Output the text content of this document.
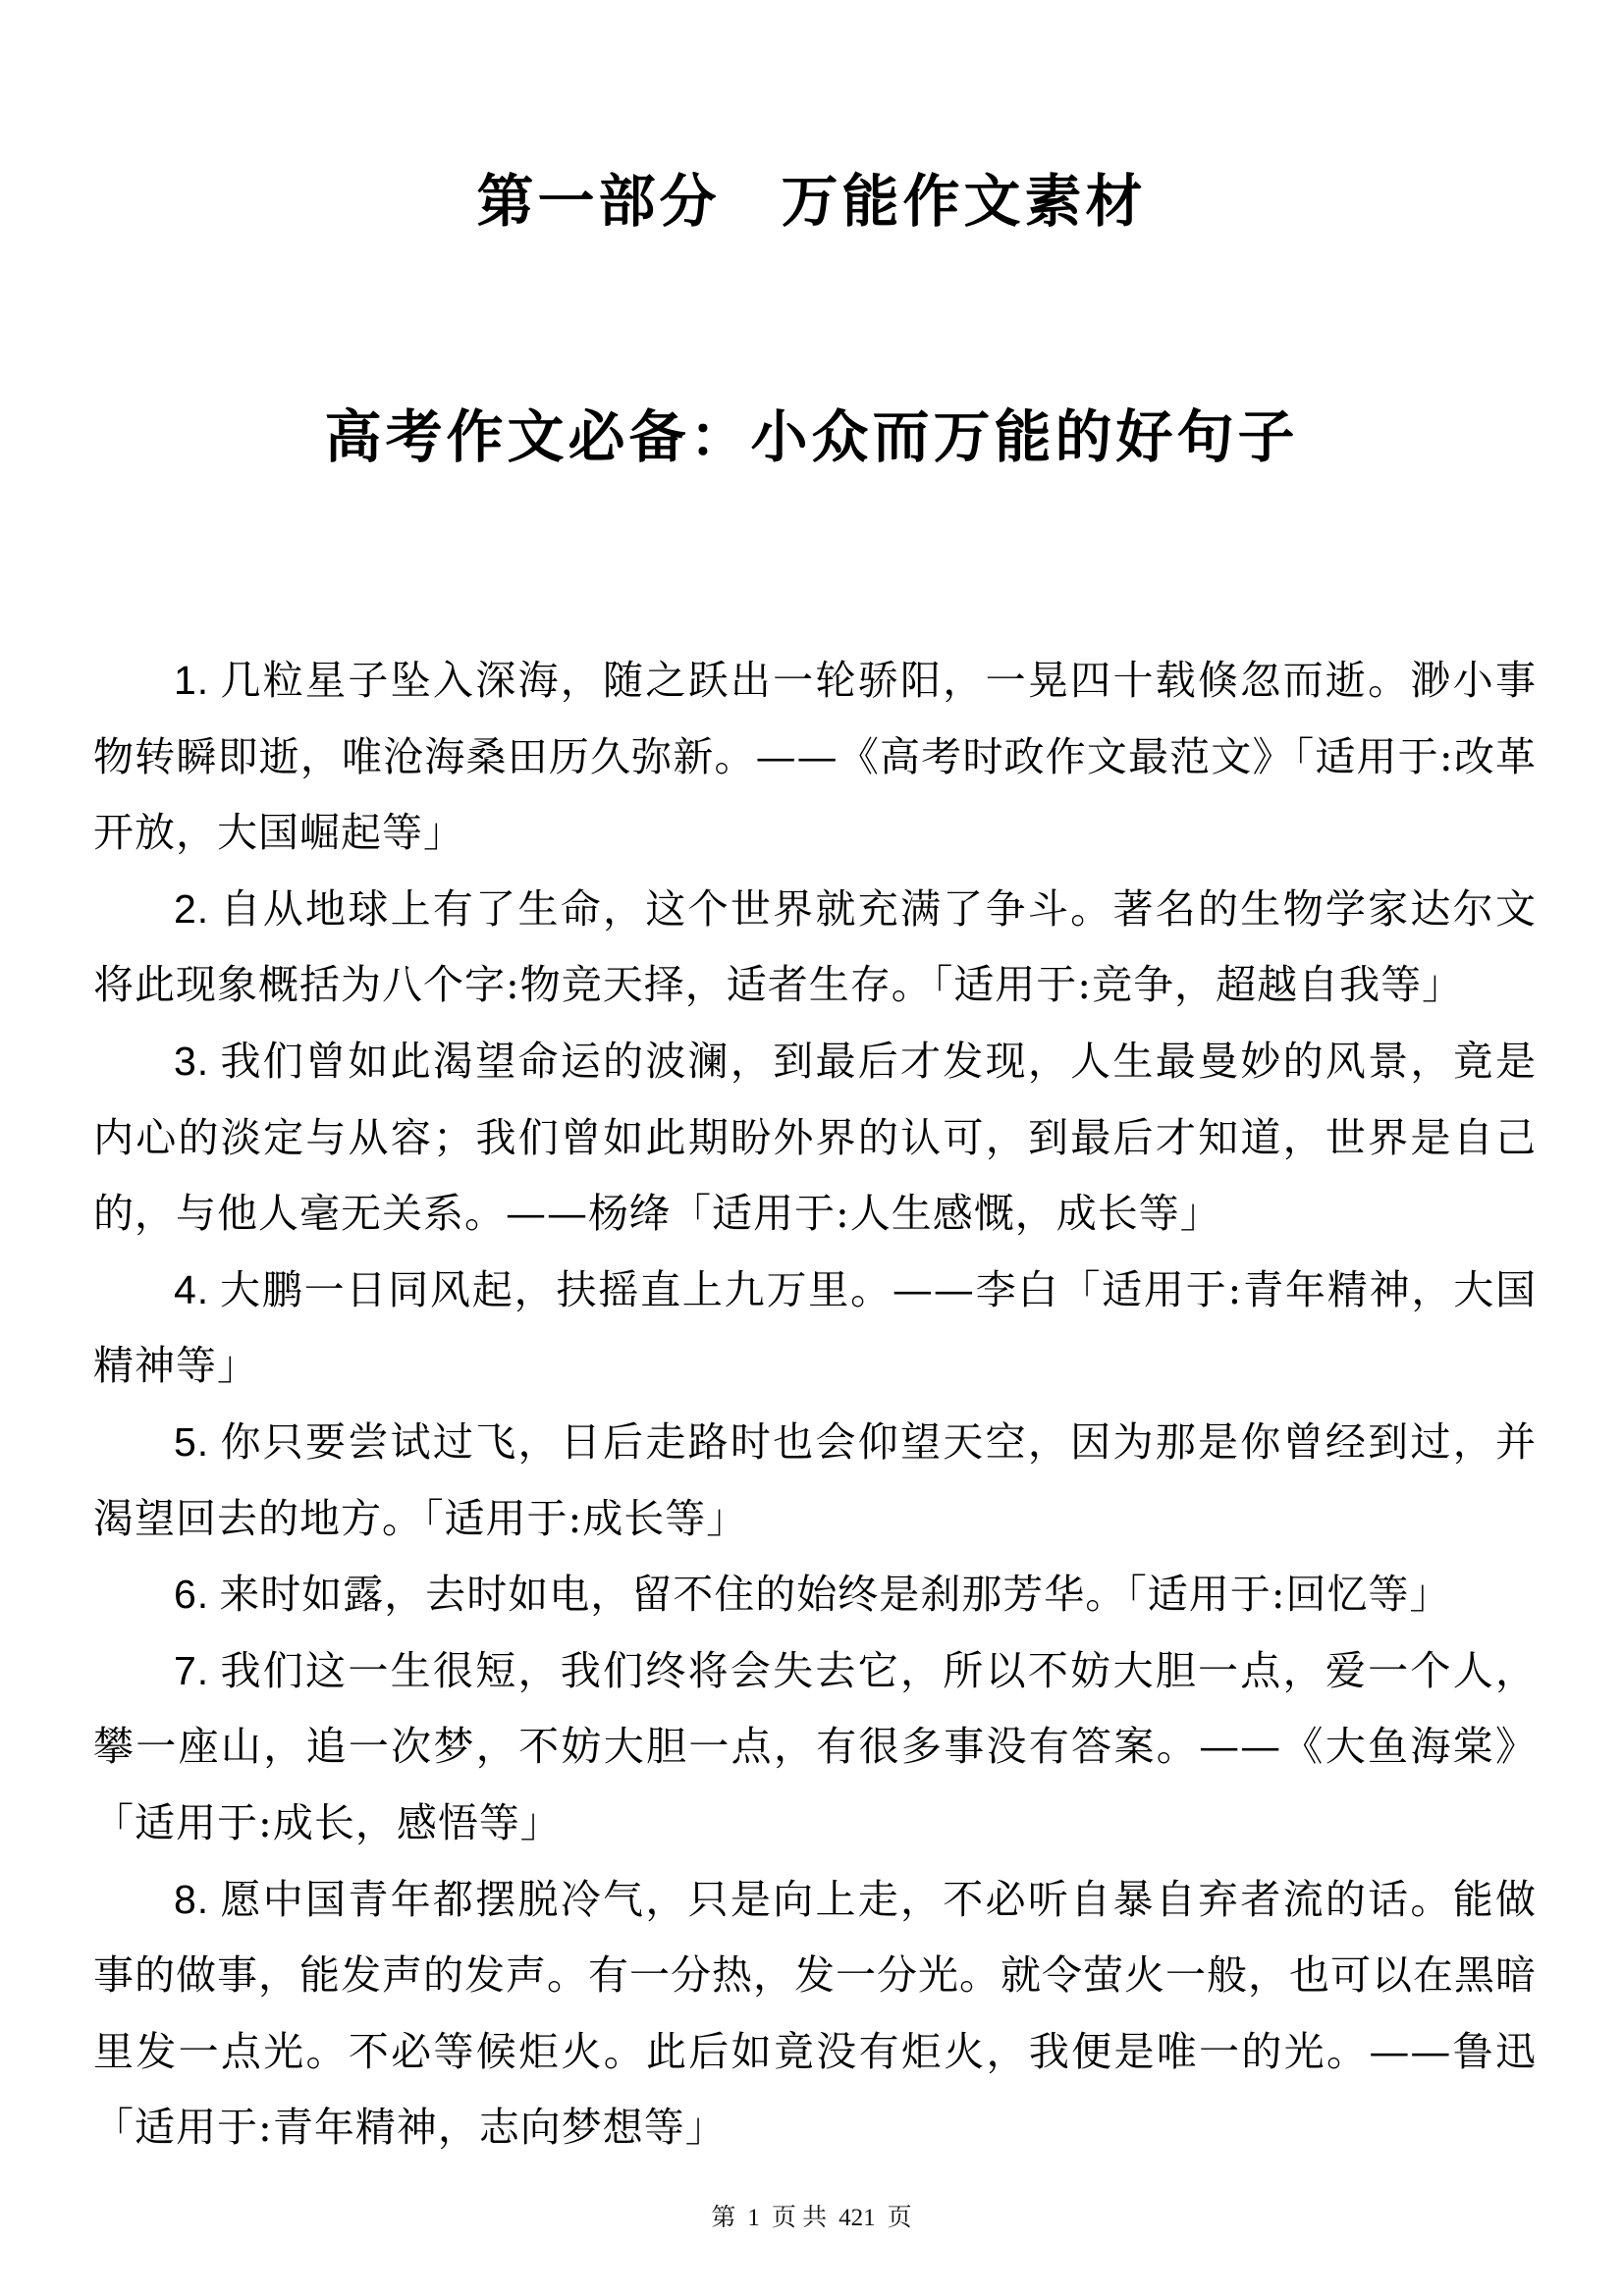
第一部分　万能作文素材
高考作文必备：小众而万能的好句子

1. 几粒星子坠入深海，随之跃出一轮骄阳，一晃四十载倏忽而逝。渺小事物转瞬即逝，唯沧海桑田历久弥新。——《高考时政作文最范文》「适用于:改革开放，大国崛起等」

2. 自从地球上有了生命，这个世界就充满了争斗。著名的生物学家达尔文将此现象概括为八个字:物竞天择，适者生存。「适用于:竞争，超越自我等」

3. 我们曾如此渴望命运的波澜，到最后才发现，人生最曼妙的风景，竟是内心的淡定与从容；我们曾如此期盼外界的认可，到最后才知道，世界是自己的，与他人毫无关系。——杨绛「适用于:人生感慨，成长等」

4. 大鹏一日同风起，扶摇直上九万里。——李白「适用于:青年精神，大国精神等」

5. 你只要尝试过飞，日后走路时也会仰望天空，因为那是你曾经到过，并渴望回去的地方。「适用于:成长等」

6. 来时如露，去时如电，留不住的始终是刹那芳华。「适用于:回忆等」

7. 我们这一生很短，我们终将会失去它，所以不妨大胆一点，爱一个人，攀一座山，追一次梦，不妨大胆一点，有很多事没有答案。——《大鱼海棠》「适用于:成长，感悟等」

8. 愿中国青年都摆脱冷气，只是向上走，不必听自暴自弃者流的话。能做事的做事，能发声的发声。有一分热，发一分光。就令萤火一般，也可以在黑暗里发一点光。不必等候炬火。此后如竟没有炬火，我便是唯一的光。——鲁迅「适用于:青年精神，志向梦想等」

第 1 页 共 421 页
